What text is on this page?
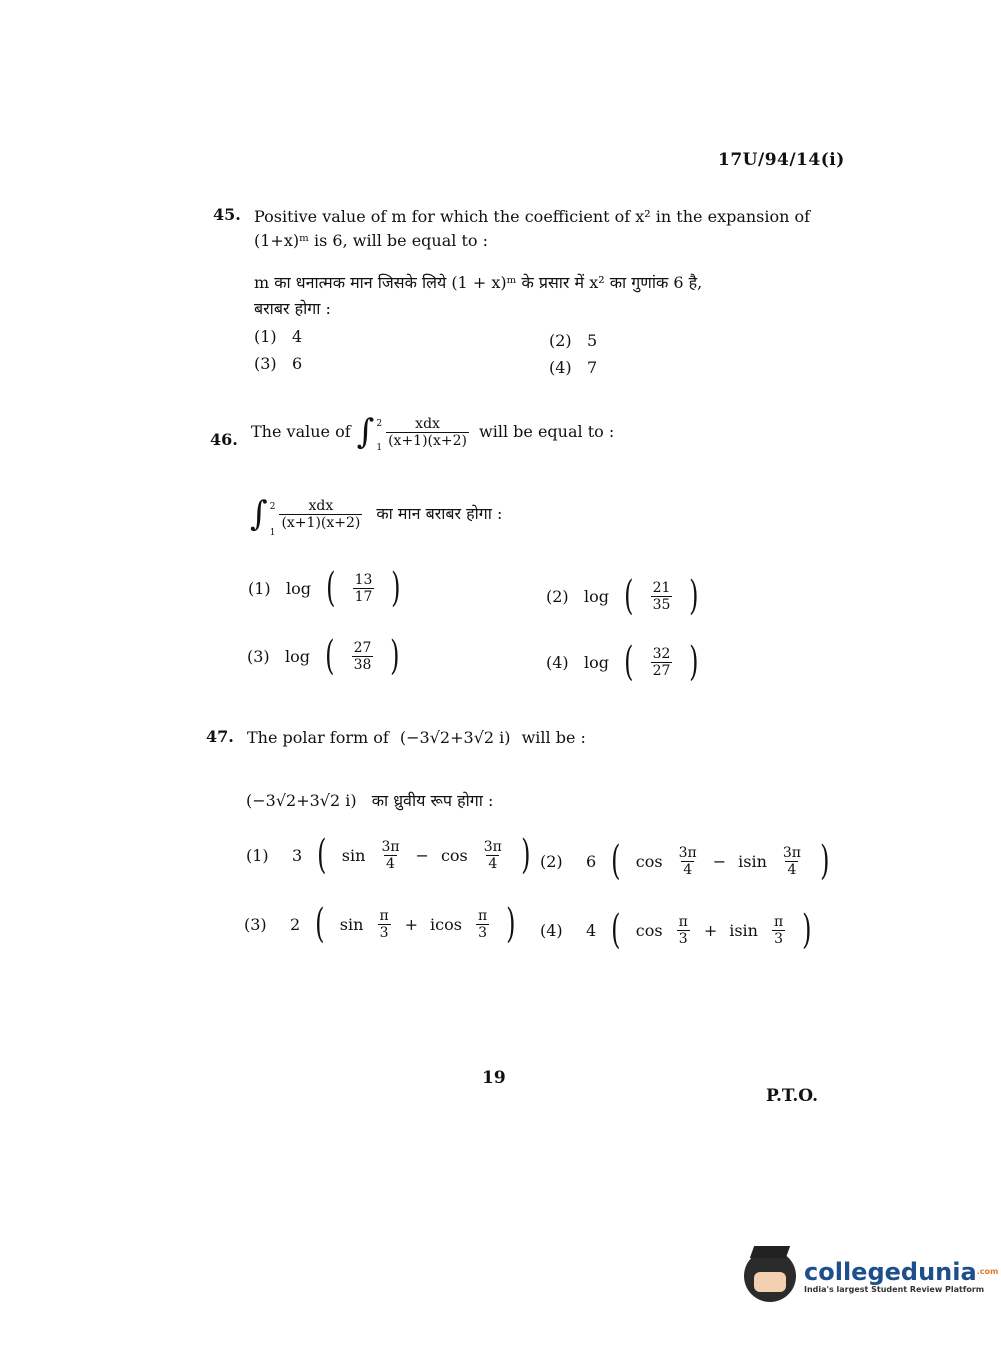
17U/94/14(i)
45. Positive value of m for which the coefficient of x² in the expansion of
(1+x)ᵐ is 6, will be equal to :
m का धनात्मक मान जिसके लिये (1 + x)ᵐ के प्रसार में x² का गुणांक 6 है,
बराबर होगा :
(1) 4	(2) 5
(3) 6	(4) 7
46. The value of ∫ 2
$1 \frac{\text{xdx}}{(x+1)(x+2)}$ will be equal to :
∫ 2
1
$\frac{\text{xdx}}{(x+1)(x+2)}$ का मान बराबर होगा :
(1) log ( $\frac{13}{17}$ )	(2) log ( $\frac{21}{35}$ )
(3) log ( $\frac{27}{38}$ )	(4) log ( $\frac{32}{27}$ )
47. The polar form of (−3√2+3√2 i) will be :
(−3√2+3√2 i) का ध्रुवीय रूप होगा :
(1) 3 ( $\sin \frac{3\pi}{4} - \cos \frac{3\pi}{4}$ ) (2) 6 ( $\cos \frac{3\pi}{4} - isin \frac{3\pi}{4}$ )
(3) 2 ( $\sin \frac{\pi}{3} + icos \frac{\pi}{3}$ ) (4) 4 ( $\cos \frac{\pi}{3} + isin \frac{\pi}{3}$ )
19
P.T.O.
collegedunia$^{.com}$
India's largest Student Review Platform
